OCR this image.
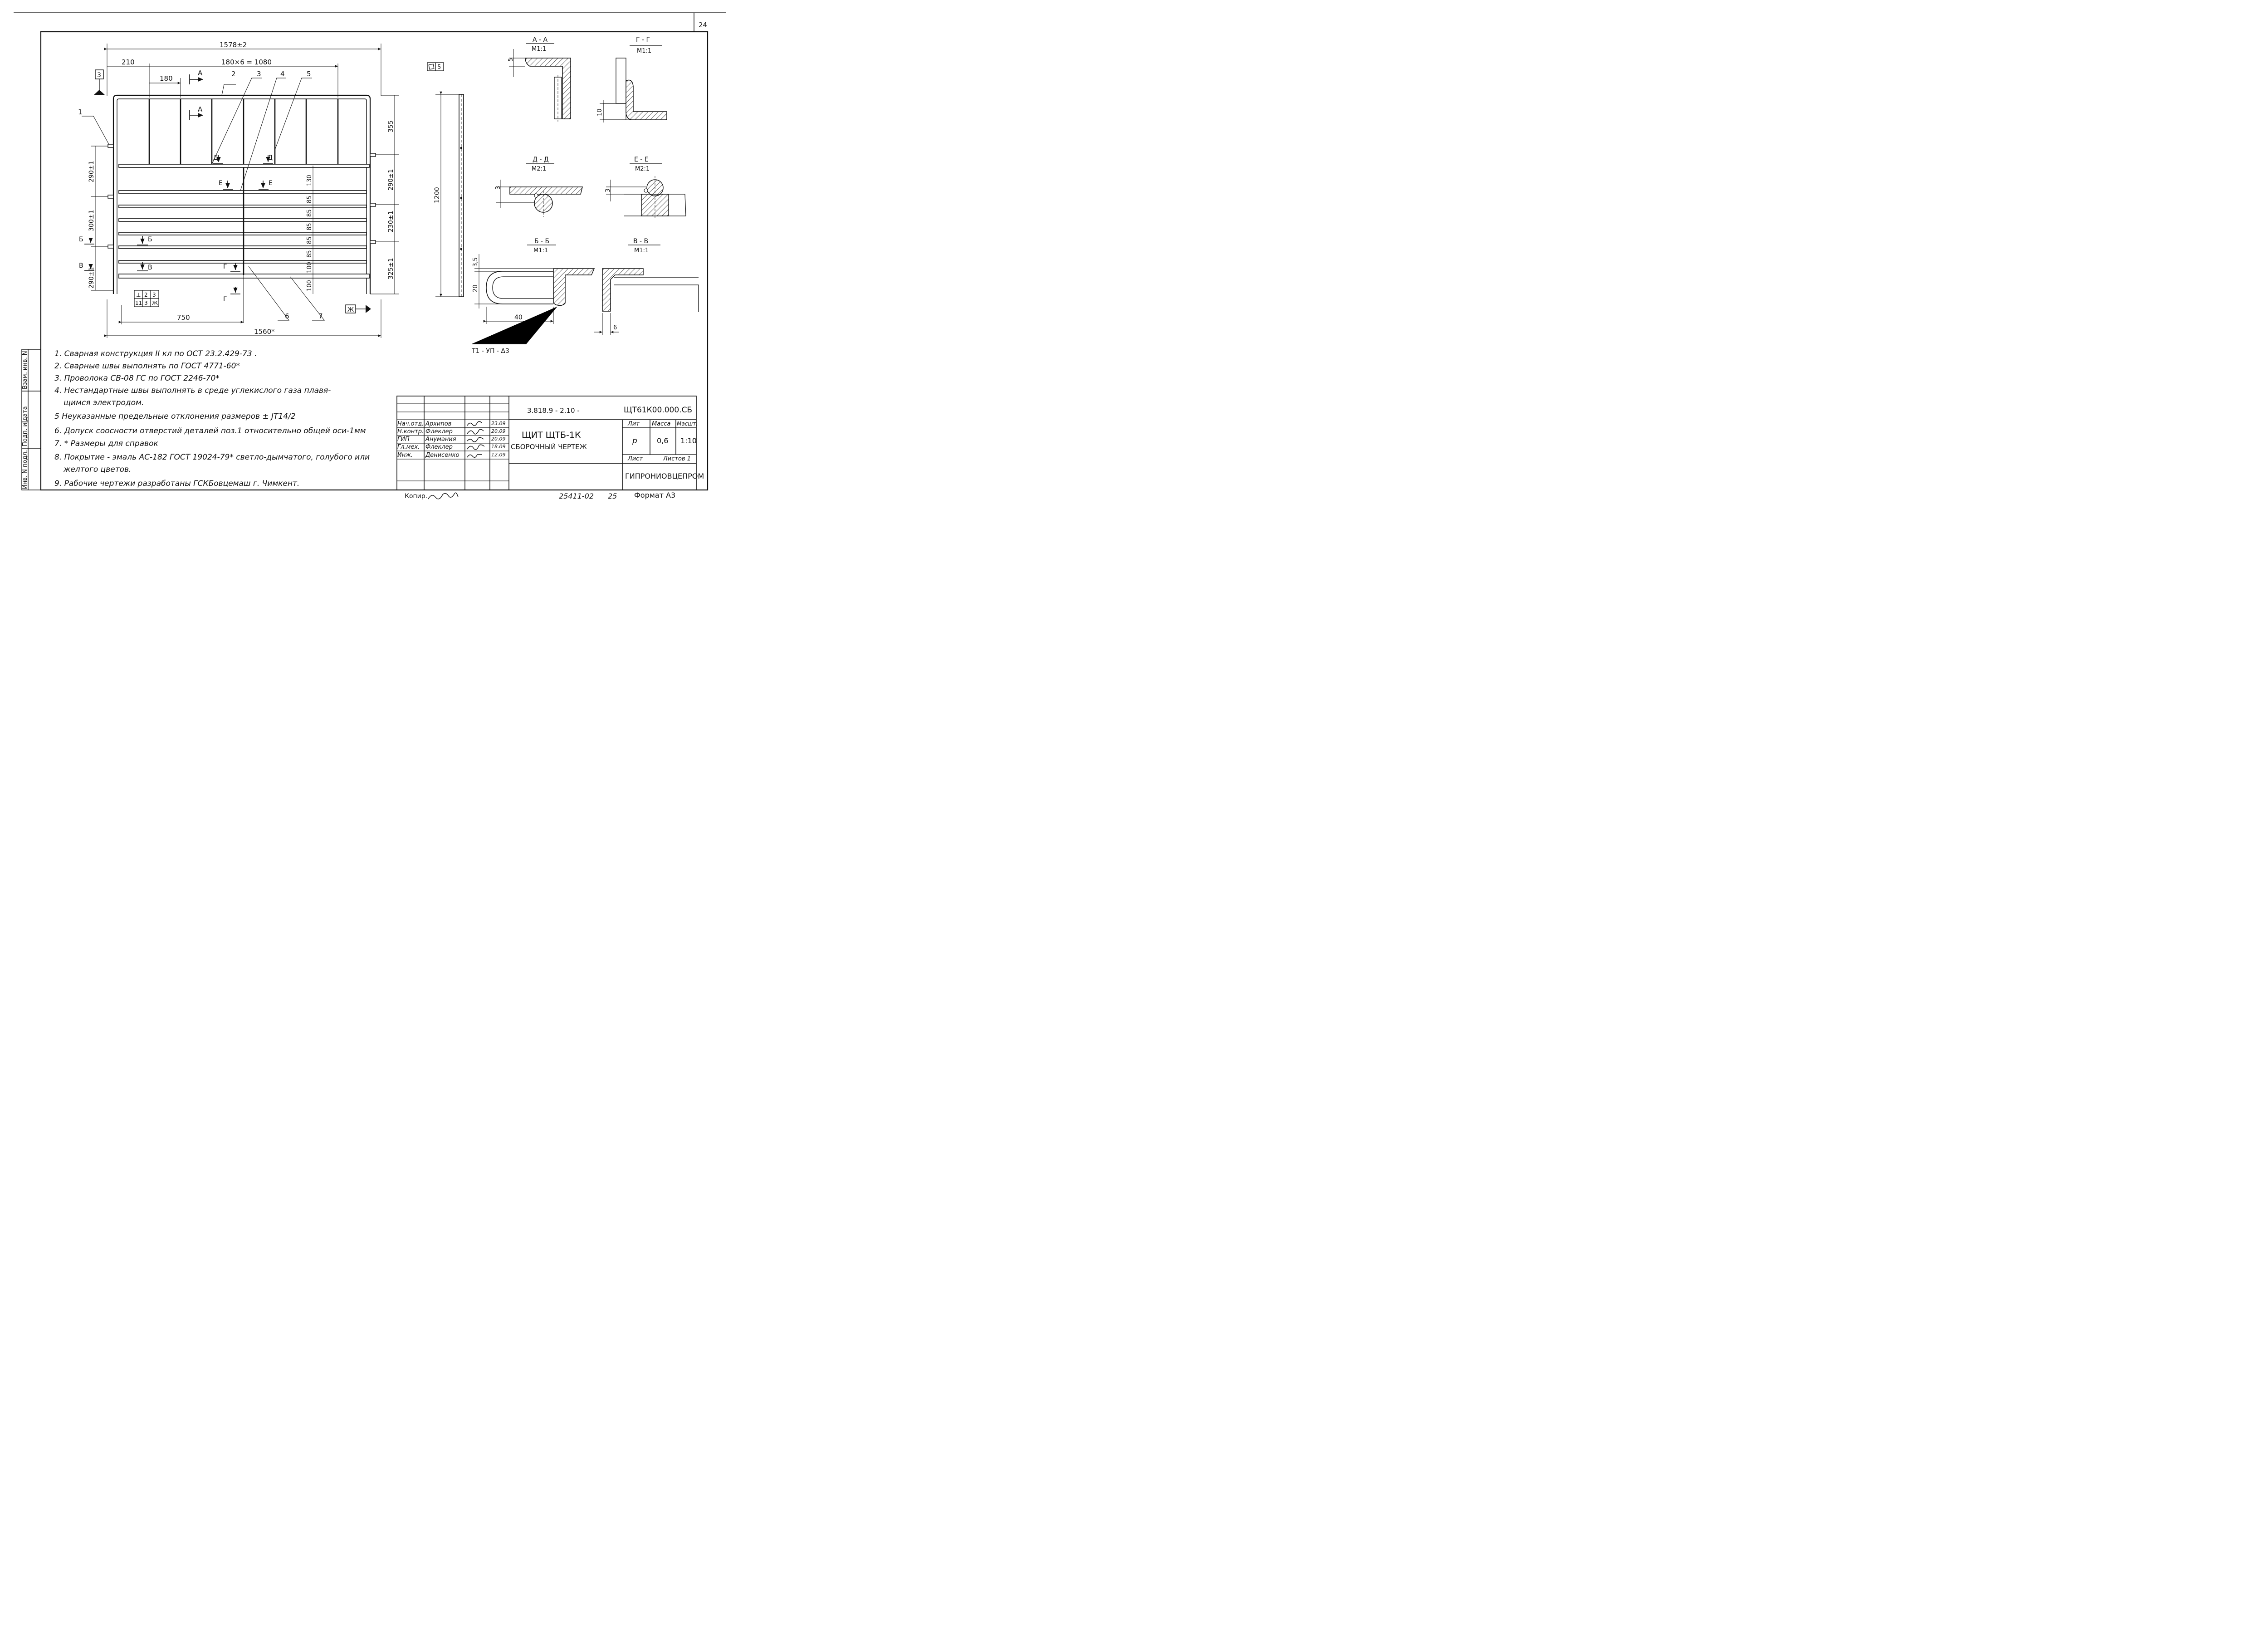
24
3
Ж
⊥ 2 3
11 3 Ж
1578±2
180×6 = 1080
210
180
750
1560*
355
290±1
230±1
325±1
290±1
300±1
290±1
130
85
85
85
85
85
100
100
1
2	3	4	5
6	7
А
А
Д	Д
Е	Е
Б
В
Б
В	Г
Г
5
1200
А - А
М1:1
5
Г - Г
М1:1
10
Д - Д
М2:1
3
Е - Е
М2:1
3
Б - Б
М1:1
3,5
20
40
Т1 - УП - Δ3
В - В
М1:1
6
Инв. N подл.
Подп. и дата
Взам. инв. N	1. Сварная конструкция II кл по ОСТ 23.2.429-73 .
2. Сварные швы выполнять по ГОСТ 4771-60*
3. Проволока СВ-08 ГС по ГОСТ 2246-70*
4. Нестандартные швы выполнять в среде углекислого газа плавя-
щимся электродом.
5 Неуказанные предельные отклонения размеров ± JT14/2
6. Допуск соосности отверстий деталей поз.1 относительно общей оси-1мм
7. * Размеры для справок
8. Покрытие - эмаль АС-182 ГОСТ 19024-79* светло-дымчатого, голубого или
желтого цветов.
9. Рабочие чертежи разработаны ГСКБовцемаш г. Чимкент.
3.818.9 - 2.10 -	ЩТ61К00.000.СБ
ЩИТ ЩТБ-1К
СБОРОЧНЫЙ ЧЕРТЕЖ
Лит Масса Масшт.
р	0,6 1:10
Лист	Листов 1
ГИПРОНИОВЦЕПРОМ
Нач.отд. Архипов	23.09
Н.контр. Флеклер	20.09
ГИП	Анумания	20.09
Гл.мех. Флеклер	18.09
Инж. Денисенко	12.09
Копир.	25411-02 25 Формат А3
